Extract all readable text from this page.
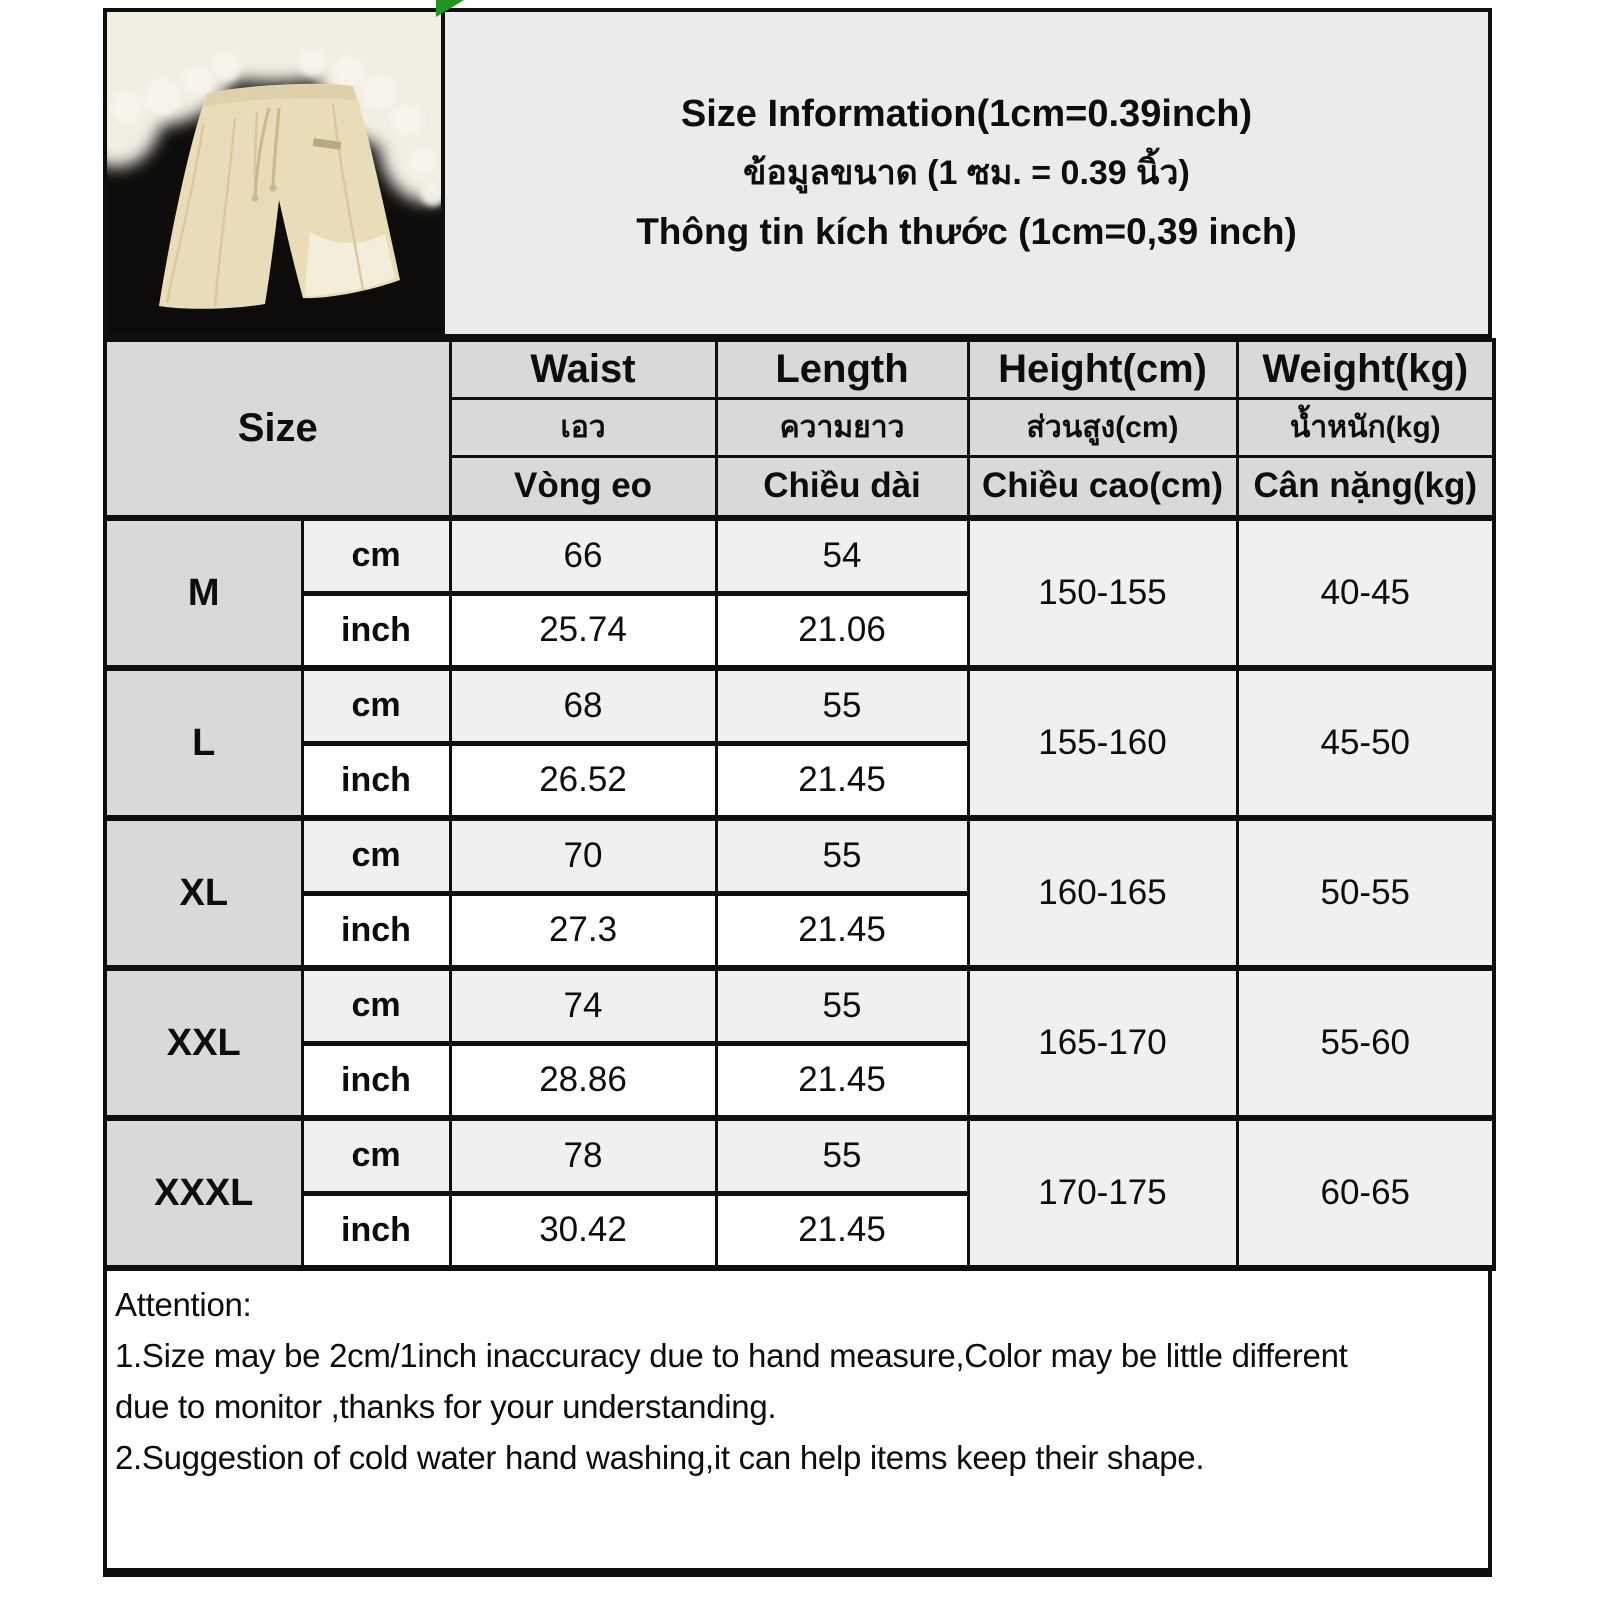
Size Information(1cm=0.39inch)
ข้อมูลขนาด (1 ซม. = 0.39 นิ้ว)
Thông tin kích thước (1cm=0,39 inch)
Size		Waist	Length	Height(cm)	Weight(kg)
		เอว	ความยาว	ส่วนสูง(cm)	น้ำหนัก(kg)
		Vòng eo	Chiều dài	Chiều cao(cm)	Cân nặng(kg)
M	cm	66	54	150-155	40-45
	inch	25.74	21.06		
L	cm	68	55	155-160	45-50
	inch	26.52	21.45		
XL	cm	70	55	160-165	50-55
	inch	27.3	21.45		
XXL	cm	74	55	165-170	55-60
	inch	28.86	21.45		
XXXL	cm	78	55	170-175	60-65
	inch	30.42	21.45		
Attention:
1.Size may be 2cm/1inch inaccuracy due to hand measure,Color may be little different
due to monitor ,thanks for your understanding.
2.Suggestion of cold water hand washing,it can help items keep their shape.
